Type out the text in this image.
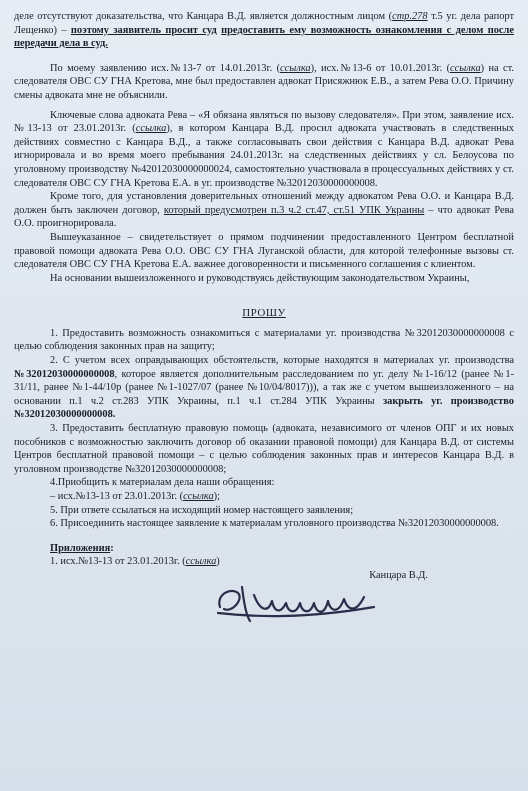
деле отсутствуют доказательства, что Канцара В.Д. является должностным лицом (стр.278 т.5 уг. дела рапорт Лещенко) – поэтому заявитель просит суд предоставить ему возможность ознакомления с делом после передачи дела в суд.

По моему заявлению исх.№13-7 от 14.01.2013г. (ссылка), исх.№13-6 от 10.01.2013г. (ссылка) на ст. следователя ОВС СУ ГНА Кретова, мне был предоставлен адвокат Присяжнюк Е.В., а затем Рева О.О. Причину смены адвоката мне не объяснили.

Ключевые слова адвоката Рева – «Я обязана являться по вызову следователя». При этом, заявление исх.№13-13 от 23.01.2013г. (ссылка), в котором Канцара В.Д. просил адвоката участвовать в следственных действиях совместно с Канцара В.Д., а также согласовывать свои действия с Канцара В.Д. адвокат Рева игнорировала и во время моего пребывания 24.01.2013г. на следственных действиях у сл. Белоусова по уголовному производству №42012030000000024, самостоятельно участвовала в процессуальных действиях у ст. следователя ОВС СУ ГНА Кретова Е.А. в уг. производстве №32012030000000008.

Кроме того, для установления доверительных отношений между адвокатом Рева О.О. и Канцара В.Д. должен быть заключен договор, который предусмотрен п.3 ч.2 ст.47, ст.51 УПК Украины – что адвокат Рева О.О. проигнорировала.

Вышеуказанное – свидетельствует о прямом подчинении предоставленного Центром бесплатной правовой помощи адвоката Рева О.О. ОВС СУ ГНА Луганской области, для которой телефонные вызовы ст. следователя ОВС СУ ГНА Кретова Е.А. важнее договоренности и письменного соглашения с клиентом.

На основании вышеизложенного и руководствуясь действующим законодательством Украины,

ПРОШУ

1. Предоставить возможность ознакомиться с материалами уг. производства №32012030000000008 с целью соблюдения законных прав на защиту;

2. С учетом всех оправдывающих обстоятельств, которые находятся в материалах уг. производства №32012030000000008, которое является дополнительным расследованием по уг. делу №1-16/12 (ранее №1-31/11, ранее №1-44/10р (ранее №1-1027/07 (ранее №10/04/8017))), а так же с учетом вышеизложенного – на основании п.1 ч.2 ст.283 УПК Украины, п.1 ч.1 ст.284 УПК Украины закрыть уг. производство №32012030000000008.

3. Предоставить бесплатную правовую помощь (адвоката, независимого от членов ОПГ и их новых пособников с возможностью заключить договор об оказании правовой помощи) для Канцара В.Д. от системы Центров бесплатной правовой помощи – с целью соблюдения законных прав и интересов Канцара В.Д. в уголовном производстве №32012030000000008;

4.Приобщить к материалам дела наши обращения:

– исх.№13-13 от 23.01.2013г. (ссылка);

5. При ответе ссылаться на исходящий номер настоящего заявления;

6. Присоединить настоящее заявление к материалам уголовного производства №32012030000000008.

Приложения:

1. исх.№13-13 от 23.01.2013г. (ссылка)

Канцара В.Д.
